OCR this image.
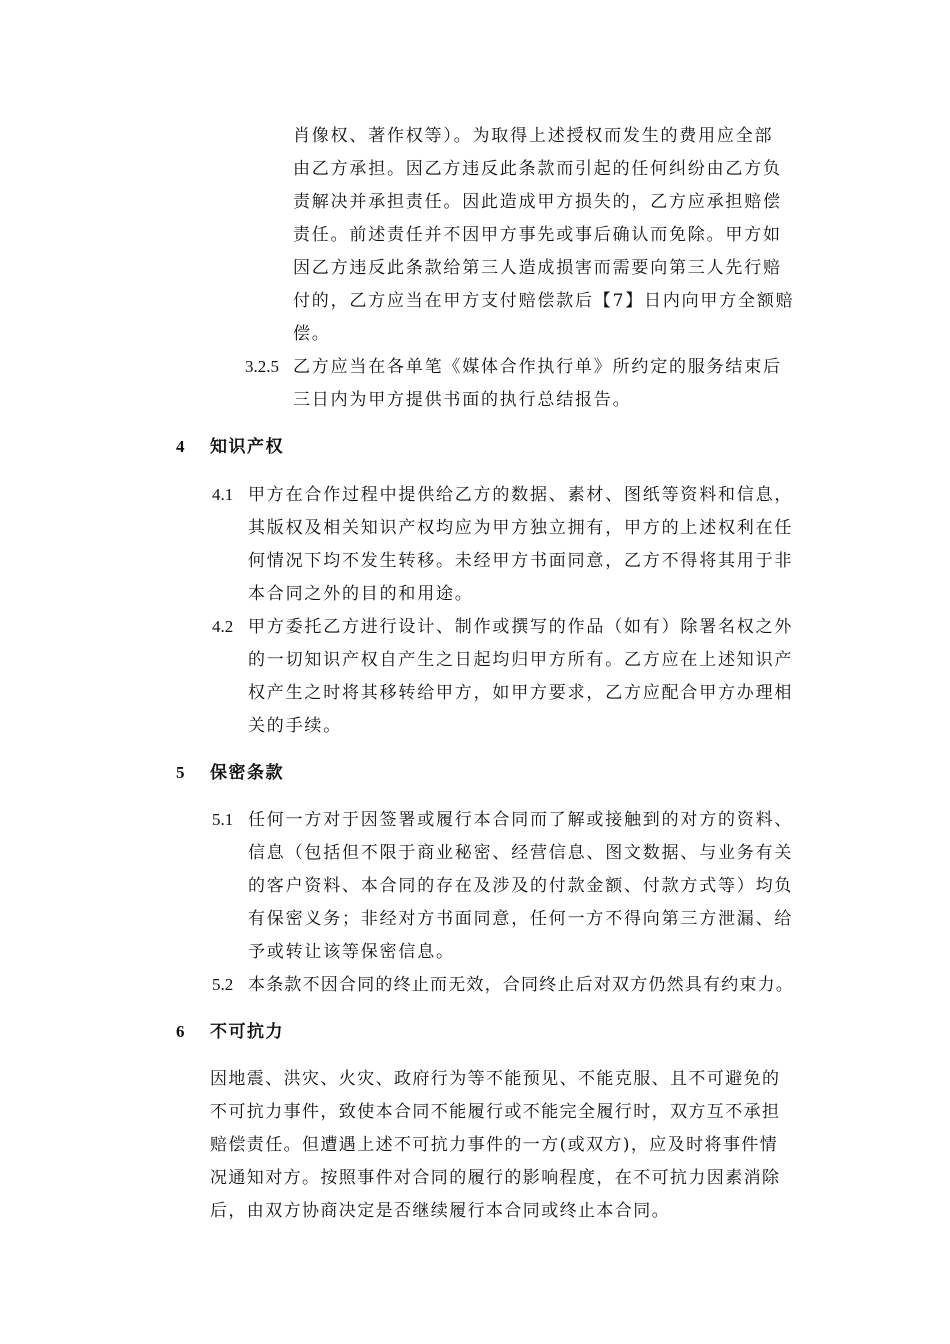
肖像权、著作权等）。为取得上述授权而发生的费用应全部
由乙方承担。因乙方违反此条款而引起的任何纠纷由乙方负
责解决并承担责任。因此造成甲方损失的，乙方应承担赔偿
责任。前述责任并不因甲方事先或事后确认而免除。甲方如
因乙方违反此条款给第三人造成损害而需要向第三人先行赔
付的，乙方应当在甲方支付赔偿款后【7】日内向甲方全额赔
偿。
3.2.5 乙方应当在各单笔《媒体合作执行单》所约定的服务结束后
三日内为甲方提供书面的执行总结报告。
4 知识产权
4.1 甲方在合作过程中提供给乙方的数据、素材、图纸等资料和信息，
其版权及相关知识产权均应为甲方独立拥有，甲方的上述权利在任
何情况下均不发生转移。未经甲方书面同意，乙方不得将其用于非
本合同之外的目的和用途。
4.2 甲方委托乙方进行设计、制作或撰写的作品（如有）除署名权之外
的一切知识产权自产生之日起均归甲方所有。乙方应在上述知识产
权产生之时将其移转给甲方，如甲方要求，乙方应配合甲方办理相
关的手续。
5 保密条款
5.1 任何一方对于因签署或履行本合同而了解或接触到的对方的资料、
信息（包括但不限于商业秘密、经营信息、图文数据、与业务有关
的客户资料、本合同的存在及涉及的付款金额、付款方式等）均负
有保密义务；非经对方书面同意，任何一方不得向第三方泄漏、给
予或转让该等保密信息。
5.2 本条款不因合同的终止而无效，合同终止后对双方仍然具有约束力。
6 不可抗力
因地震、洪灾、火灾、政府行为等不能预见、不能克服、且不可避免的
不可抗力事件，致使本合同不能履行或不能完全履行时，双方互不承担
赔偿责任。但遭遇上述不可抗力事件的一方(或双方)，应及时将事件情
况通知对方。按照事件对合同的履行的影响程度，在不可抗力因素消除
后，由双方协商决定是否继续履行本合同或终止本合同。
